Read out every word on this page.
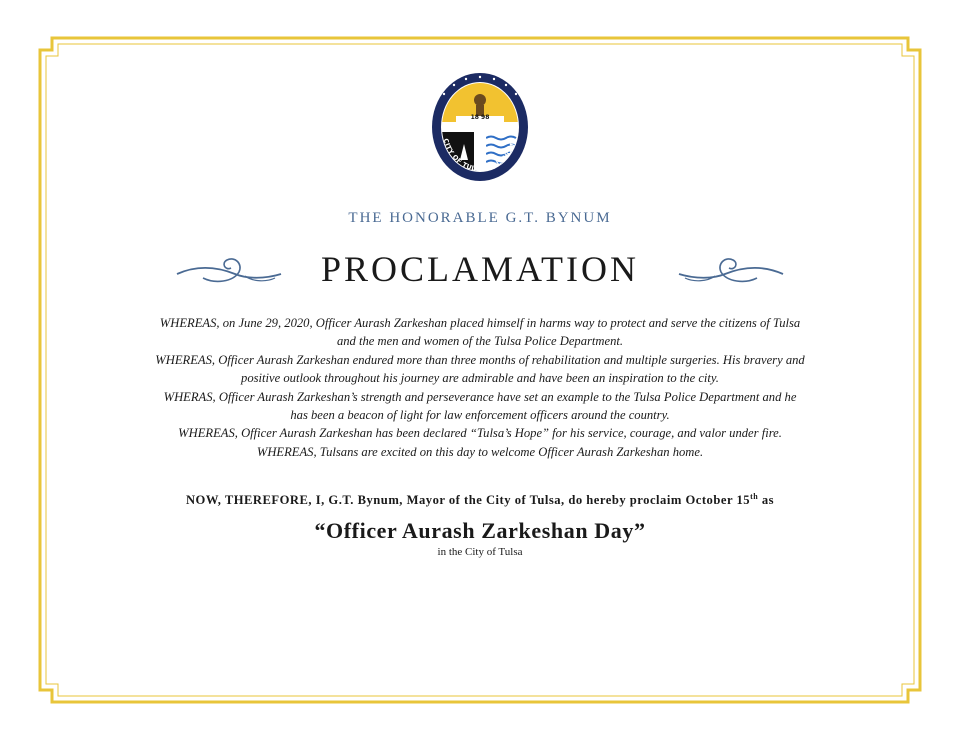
18 98
CITY OF TULSA OKLAHOMA
THE HONORABLE G.T. BYNUM
PROCLAMATION

WHEREAS, on June 29, 2020, Officer Aurash Zarkeshan placed himself in harms way to protect and serve the citizens of Tulsa

and the men and women of the Tulsa Police Department.

WHEREAS, Officer Aurash Zarkeshan endured more than three months of rehabilitation and multiple surgeries. His bravery and

positive outlook throughout his journey are admirable and have been an inspiration to the city.

WHERAS, Officer Aurash Zarkeshan’s strength and perseverance have set an example to the Tulsa Police Department and he

has been a beacon of light for law enforcement officers around the country.

WHEREAS, Officer Aurash Zarkeshan has been declared “Tulsa’s Hope” for his service, courage, and valor under fire.

WHEREAS, Tulsans are excited on this day to welcome Officer Aurash Zarkeshan home.

NOW, THEREFORE, I, G.T. Bynum, Mayor of the City of Tulsa, do hereby proclaim October 15th as
“Officer Aurash Zarkeshan Day”
in the City of Tulsa
